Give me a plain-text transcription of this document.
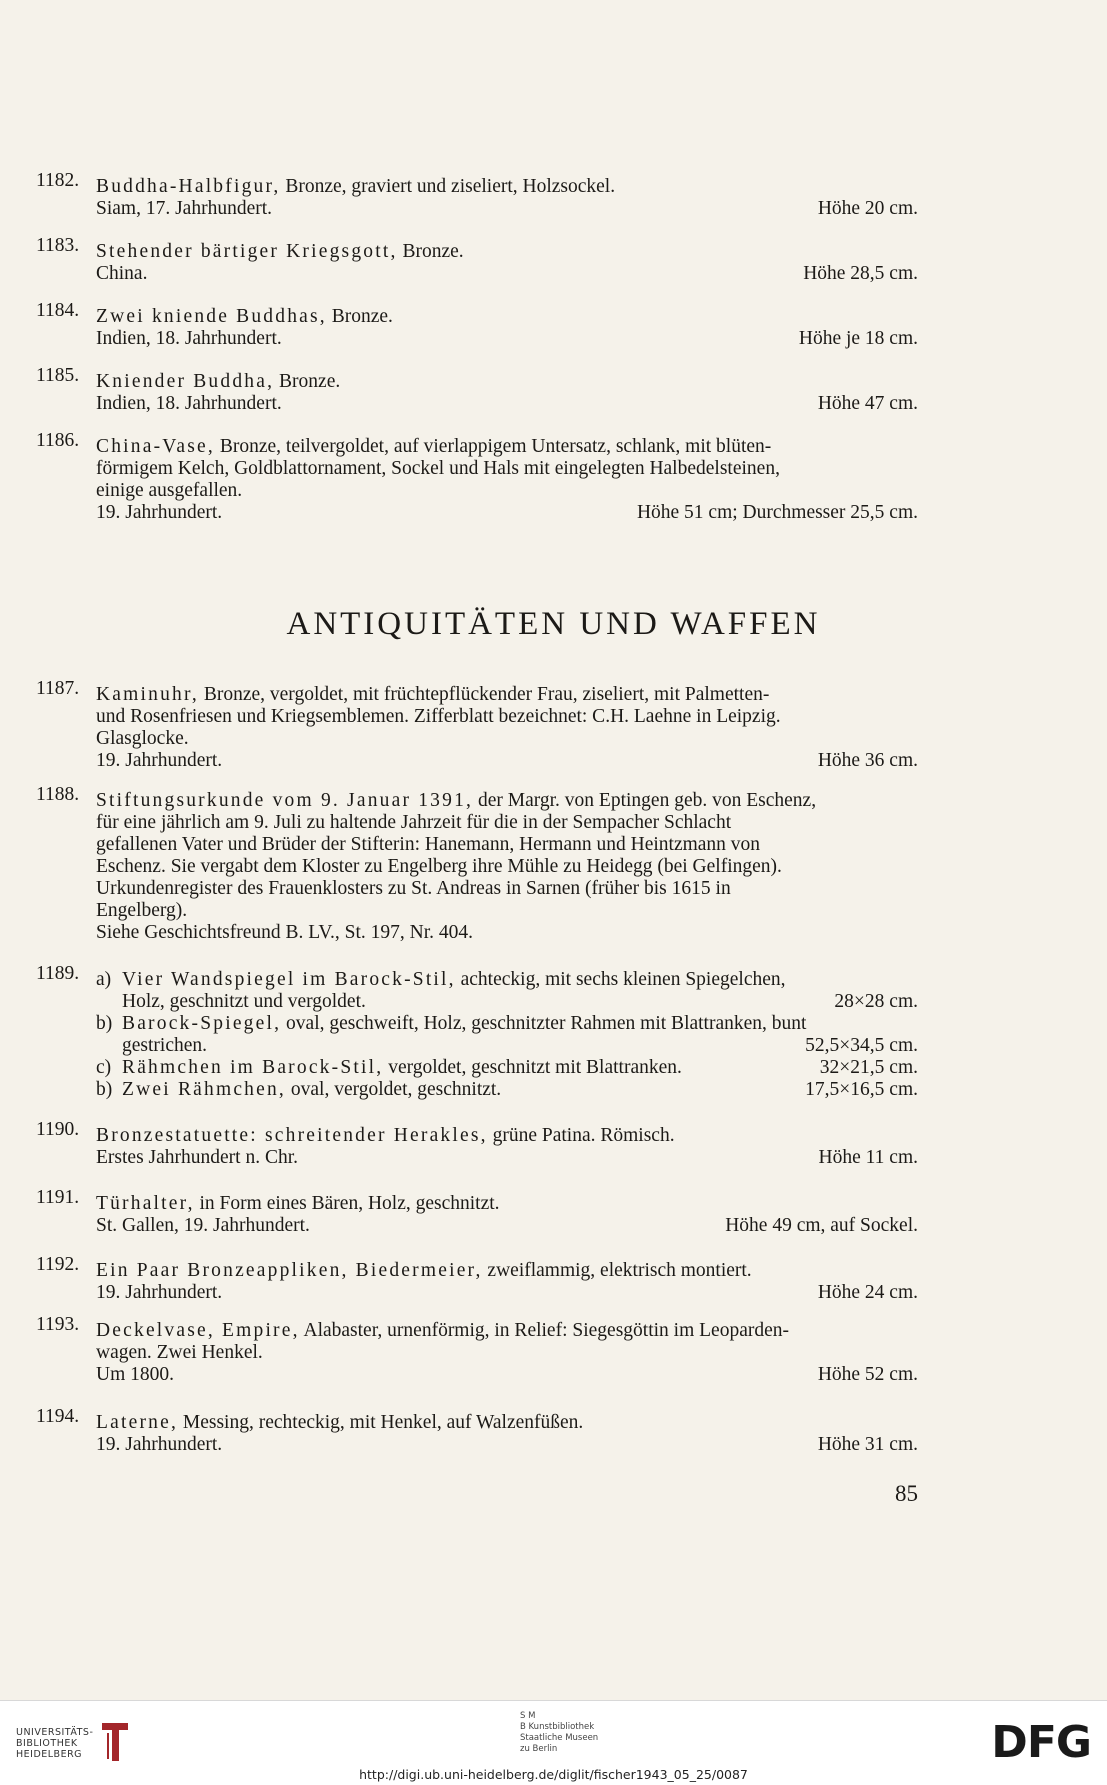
1182. Buddha-Halbfigur, Bronze, graviert und ziseliert, Holzsockel.
Siam, 17. Jahrhundert.	Höhe 20 cm.
1183. Stehender bärtiger Kriegsgott, Bronze.
China.	Höhe 28,5 cm.
1184. Zwei kniende Buddhas, Bronze.
Indien, 18. Jahrhundert.	Höhe je 18 cm.
1185. Kniender Buddha, Bronze.
Indien, 18. Jahrhundert.	Höhe 47 cm.
1186. China-Vase, Bronze, teilvergoldet, auf vierlappigem Untersatz, schlank, mit blüten-
förmigem Kelch, Goldblattornament, Sockel und Hals mit eingelegten Halbedelsteinen,
einige ausgefallen.
19. Jahrhundert.	Höhe 51 cm; Durchmesser 25,5 cm.
ANTIQUITÄTEN UND WAFFEN
1187. Kaminuhr, Bronze, vergoldet, mit früchtepflückender Frau, ziseliert, mit Palmetten-
und Rosenfriesen und Kriegsemblemen. Zifferblatt bezeichnet: C.H. Laehne in Leipzig.
Glasglocke.
19. Jahrhundert.	Höhe 36 cm.
1188. Stiftungsurkunde vom 9. Januar 1391, der Margr. von Eptingen geb. von Eschenz,
für eine jährlich am 9. Juli zu haltende Jahrzeit für die in der Sempacher Schlacht
gefallenen Vater und Brüder der Stifterin: Hanemann, Hermann und Heintzmann von
Eschenz. Sie vergabt dem Kloster zu Engelberg ihre Mühle zu Heidegg (bei Gelfingen).
Urkundenregister des Frauenklosters zu St. Andreas in Sarnen (früher bis 1615 in
Engelberg).
Siehe Geschichtsfreund B. LV., St. 197, Nr. 404.
1189. a) Vier Wandspiegel im Barock-Stil, achteckig, mit sechs kleinen Spiegelchen,
Holz, geschnitzt und vergoldet.	28×28 cm.
b) Barock-Spiegel, oval, geschweift, Holz, geschnitzter Rahmen mit Blattranken, bunt
gestrichen.	52,5×34,5 cm.
c) Rähmchen im Barock-Stil, vergoldet, geschnitzt mit Blattranken.	32×21,5 cm.
b) Zwei Rähmchen, oval, vergoldet, geschnitzt.	17,5×16,5 cm.
1190. Bronzestatuette: schreitender Herakles, grüne Patina. Römisch.
Erstes Jahrhundert n. Chr.	Höhe 11 cm.
1191. Türhalter, in Form eines Bären, Holz, geschnitzt.
St. Gallen, 19. Jahrhundert.	Höhe 49 cm, auf Sockel.
1192. Ein Paar Bronzeappliken, Biedermeier, zweiflammig, elektrisch montiert.
19. Jahrhundert.	Höhe 24 cm.
1193. Deckelvase, Empire, Alabaster, urnenförmig, in Relief: Siegesgöttin im Leoparden-
wagen. Zwei Henkel.
Um 1800.	Höhe 52 cm.
1194. Laterne, Messing, rechteckig, mit Henkel, auf Walzenfüßen.
19. Jahrhundert.	Höhe 31 cm.
85
UNIVERSITÄTS-
BIBLIOTHEK
HEIDELBERG
S M
B Kunstbibliothek
Staatliche Museen
zu Berlin	DFG
http://digi.ub.uni-heidelberg.de/diglit/fischer1943_05_25/0087
